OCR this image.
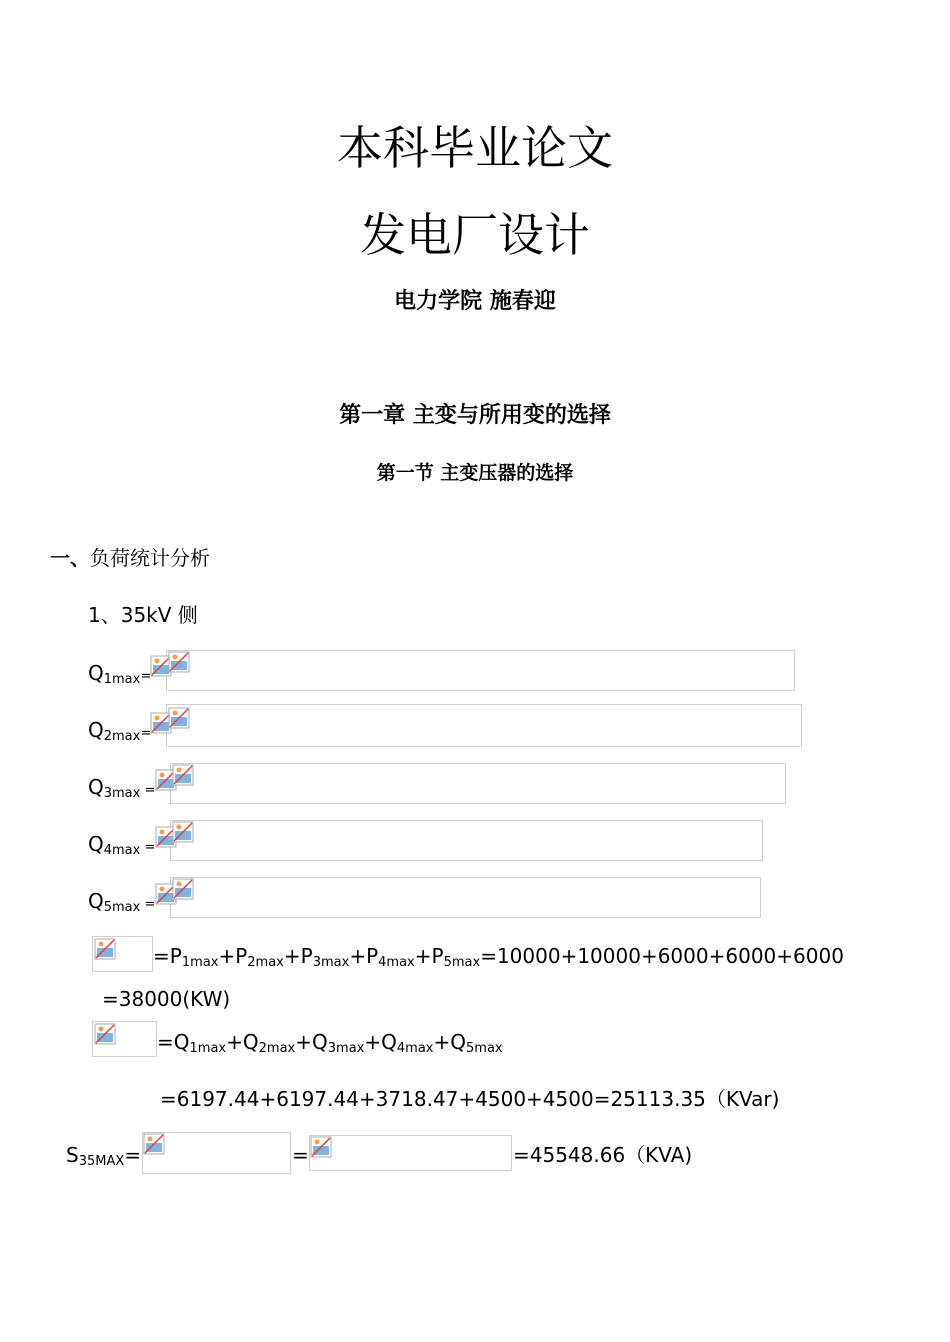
本科毕业论文
发电厂设计
电力学院 施春迎
第一章 主变与所用变的选择
第一节 主变压器的选择
一、负荷统计分析
1、35kV 侧
$Q_{1max}=$
$Q_{2max}=$
$Q_{3max}$ =
$Q_{4max}$ =
$Q_{5max}$ =
$=P_{1max}+P_{2max}+P_{3max}+P_{4max}+P_{5max}=10000+10000+6000+6000+6000$
=38000(KW)
$=Q_{1max}+Q_{2max}+Q_{3max}+Q_{4max}+Q_{5max}$
=6197.44+6197.44+3718.47+4500+4500=25113.35（KVar)
$S_{35MAX}=$	=	=45548.66（KVA)
